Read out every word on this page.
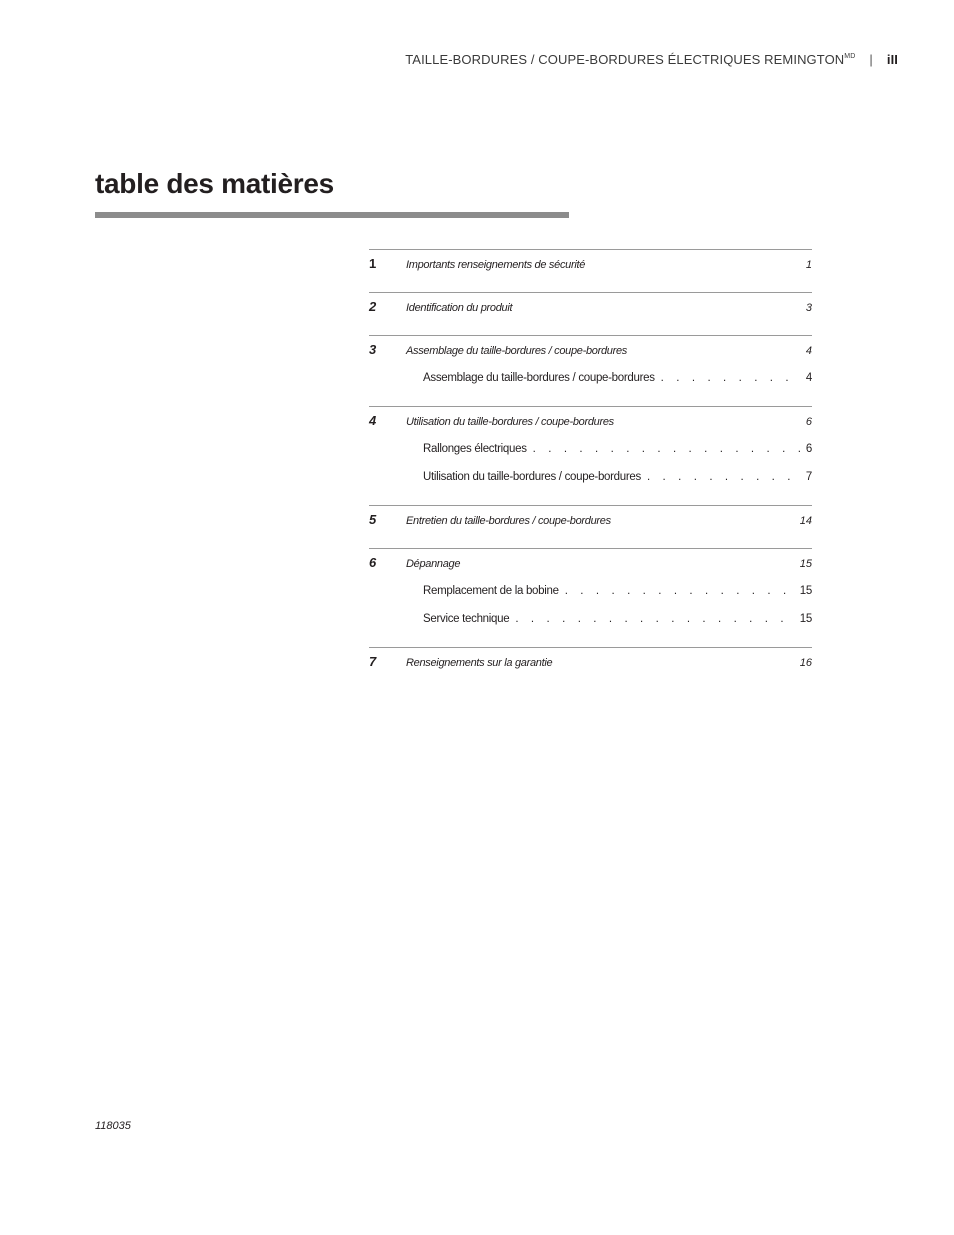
TAILLE-BORDURES / COUPE-BORDURES ÉLECTRIQUES $REMINGTON^{MD}$ | iII
table des matières
1	Importants renseignements de sécurité	1
2	Identification du produit	3
3	Assemblage du taille-bordures / coupe-bordures	4
Assemblage du taille-bordures / coupe-bordures . . .	4
4	Utilisation du taille-bordures / coupe-bordures	6
Rallonges électriques . . .	6
Utilisation du taille-bordures / coupe-bordures . . .	7
5	Entretien du taille-bordures / coupe-bordures	14
6	Dépannage	15
Remplacement de la bobine . . .	15
Service technique . . .	15
7	Renseignements sur la garantie	16
118035
